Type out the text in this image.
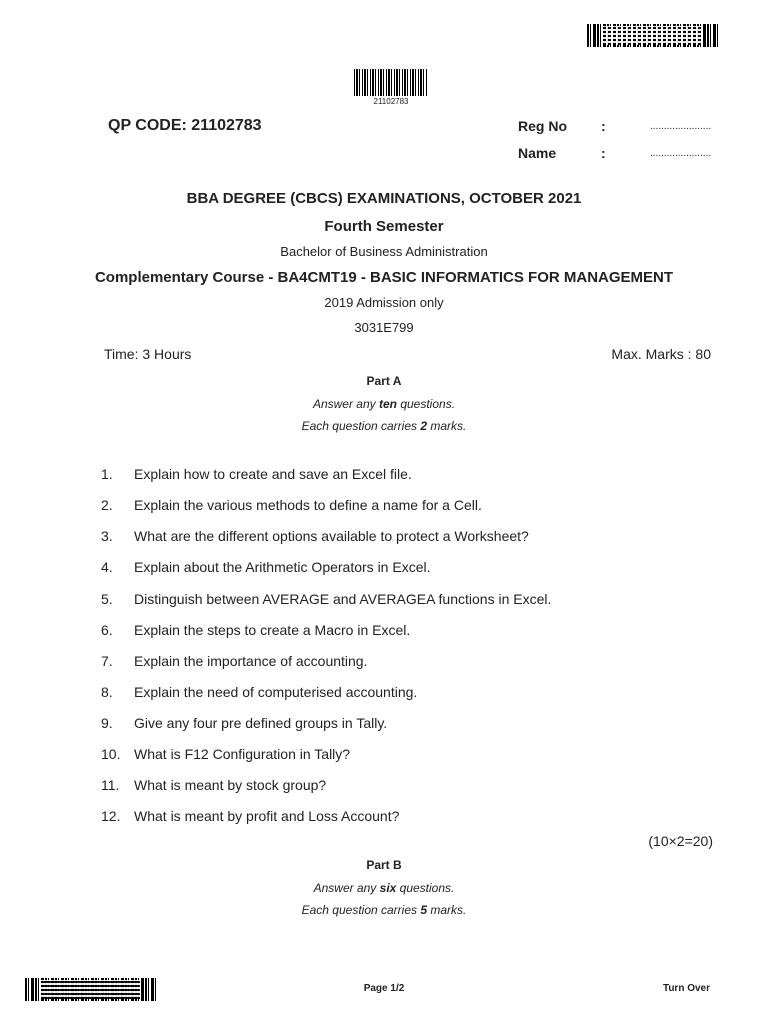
21102783
QP CODE: 21102783	Reg No :	......................
Name	:	......................
BBA DEGREE (CBCS) EXAMINATIONS, OCTOBER 2021
Fourth Semester
Bachelor of Business Administration
Complementary Course - BA4CMT19 - BASIC INFORMATICS FOR MANAGEMENT
2019 Admission only
3031E799
Time: 3 Hours	Max. Marks : 80
Part A
Answer any ten questions.
Each question carries 2 marks.
1.	Explain how to create and save an Excel file.
2.	Explain the various methods to define a name for a Cell.
3.	What are the different options available to protect a Worksheet?
4.	Explain about the Arithmetic Operators in Excel.
5.	Distinguish between AVERAGE and AVERAGEA functions in Excel.
6.	Explain the steps to create a Macro in Excel.
7.	Explain the importance of accounting.
8.	Explain the need of computerised accounting.
9.	Give any four pre defined groups in Tally.
10. What is F12 Configuration in Tally?
11.	What is meant by stock group?
12. What is meant by profit and Loss Account?
(10×2=20)
Part B
Answer any six questions.
Each question carries 5 marks.
Page 1/2	Turn Over
